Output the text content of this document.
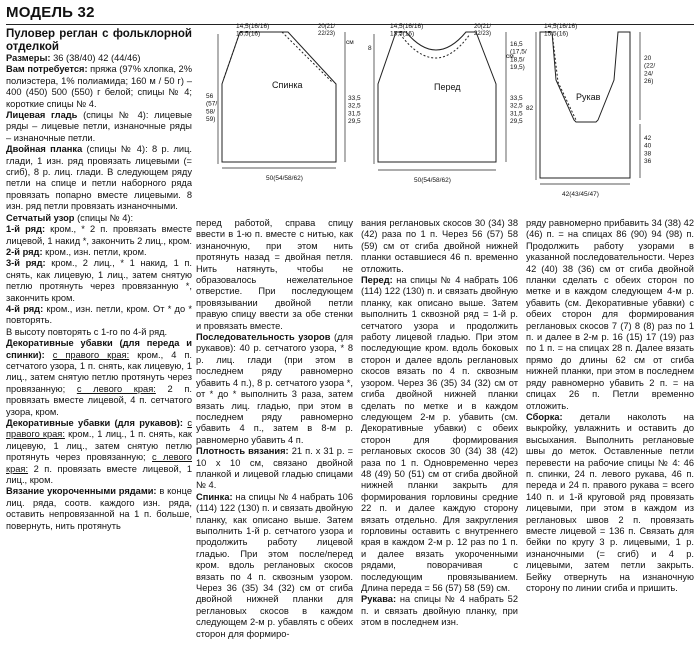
МОДЕЛЬ 32

Пуловер реглан с фольклорной отделкой

Размеры: 36 (38/40) 42 (44/46)

Вам потребуется: пряжа (97% хлопка, 2% полиэстера, 1% полиамида; 160 м / 50 г) – 400 (450) 500 (550) г белой; спицы № 4; короткие спицы № 4.

Лицевая гладь (спицы № 4): лицевые ряды – лицевые петли, изнаночные ряды – изнаночные петли.

Двойная планка (спицы № 4): 8 р. лиц. глади, 1 изн. ряд провязать лицевыми (= сгиб), 8 р. лиц. глади. В следующем ряду петли на спице и петли наборного ряда провязать попарно вместе лицевыми. 8 изн. ряд петли провязать изнаночными.

Сетчатый узор (спицы № 4):

1-й ряд: кром., * 2 п. провязать вместе лицевой, 1 накид *, закончить 2 лиц., кром.

2-й ряд: кром., изн. петли, кром.

3-й ряд: кром., 2 лиц., * 1 накид, 1 п. снять, как лицевую, 1 лиц., затем снятую петлю протянуть через провязанную *, закончить кром.

4-й ряд: кром., изн. петли, кром. От * до * повторять.

В высоту повторять с 1-го по 4-й ряд.

Декоративные убавки (для переда и спинки): с правого края: кром., 4 п. сетчатого узора, 1 п. снять, как лицевую, 1 лиц., затем снятую петлю протянуть через провязанную; с левого края: 2 п. провязать вместе лицевой, 4 п. сетчатого узора, кром.

Декоративные убавки (для рукавов): с правого края: кром., 1 лиц., 1 п. снять, как лицевую, 1 лиц., затем снятую петлю протянуть через провязанную; с левого края: 2 п. провязать вместе лицевой, 1 лиц., кром.

Вязание укороченными рядами: в конце лиц. ряда, соотв. каждого изн. ряда, оставить непровязанной на 1 п. больше, повернуть, нить протянуть

Спинка
14,5(16/16) 15,5(16)
56 (57/ 58/ 59)
33,5 32,5 31,5 29,5
50(54/58/62)
Перед
14,5(16/16) 15,5(16)
8
16,5 (17,5/ 18,5/ 19,5)
33,5 32,5 31,5 29,5
50(54/58/62)
Рукав
14,5(16/16) 15,5(16)
82
20 (22/ 24/ 26)
42 40 38 36
42(43/45/47)
20(21/ 22/23)
20(21/ 22/23)
см
см

перед работой, справа спицу ввести в 1-ю п. вместе с нитью, как изнаночную, при этом нить протянуть назад = двойная петля. Нить натянуть, чтобы не образовалось нежелательное отверстие. При последующем провязывании двойной петли правую спицу ввести за обе стенки и провязать вместе.

Последовательность узоров (для рукавов): 40 р. сетчатого узора, * 8 р. лиц. глади (при этом в последнем ряду равномерно убавить 4 п.), 8 р. сетчатого узора *, от * до * выполнить 3 раза, затем вязать лиц. гладью, при этом в последнем ряду равномерно убавить 4 п., затем в 8-м р. равномерно убавить 4 п.

Плотность вязания: 21 п. x 31 р. = 10 x 10 см, связано двойной планкой и лицевой гладью спицами № 4.

Спинка: на спицы № 4 набрать 106 (114) 122 (130) п. и связать двойную планку, как описано выше. Затем выполнить 1-й р. сетчатого узора и продолжить работу лицевой гладью. При этом после/перед кром. вдоль реглановых скосов вязать по 4 п. сквозным узором. Через 36 (35) 34 (32) см от сгиба двойной нижней планки для реглановых скосов в каждом следующем 2-м р. убавлять с обеих сторон для формиро-

вания реглановых скосов 30 (34) 38 (42) раза по 1 п. Через 56 (57) 58 (59) см от сгиба двойной нижней планки оставшиеся 46 п. временно отложить.

Перед: на спицы № 4 набрать 106 (114) 122 (130) п. и связать двойную планку, как описано выше. Затем выполнить 1 сквозной ряд = 1-й р. сетчатого узора и продолжить работу лицевой гладью. При этом последующие кром. вдоль боковых сторон и далее вдоль реглановых скосов вязать по 4 п. сквозным узором. Через 36 (35) 34 (32) см от сгиба двойной нижней планки сделать по метке и в каждом следующем 2-м р. убавить (см. Декоративные убавки) с обеих сторон для формирования реглановых скосов 30 (34) 38 (42) раза по 1 п. Одновременно через 48 (49) 50 (51) см от сгиба двойной нижней планки закрыть для формирования горловины средние 22 п. и далее каждую сторону вязать отдельно. Для закругления горловины оставить с внутреннего края в каждом 2-м р. 12 раз по 1 п. и далее вязать укороченными рядами, поворачивая с последующим провязыванием. Длина переда = 56 (57) 58 (59) см.

Рукава: на спицы № 4 набрать 52 п. и связать двойную планку, при этом в последнем изн.

ряду равномерно прибавить 34 (38) 42 (46) п. = на спицах 86 (90) 94 (98) п. Продолжить работу узорами в указанной последовательности. Через 42 (40) 38 (36) см от сгиба двойной планки сделать с обеих сторон по метке и в каждом следующем 4-м р. убавить (см. Декоративные убавки) с обеих сторон для формирования реглановых скосов 7 (7) 8 (8) раз по 1 п. и далее в 2-м р. 16 (15) 17 (19) раз по 1 п. = на спицах 28 п. Далее вязать прямо до длины 62 см от сгиба нижней планки, при этом в последнем ряду равномерно убавить 2 п. = на спицах 26 п. Петли временно отложить.

Сборка: детали наколоть на выкройку, увлажнить и оставить до высыхания. Выполнить реглановые швы до меток. Оставленные петли перевести на рабочие спицы № 4: 46 п. спинки, 24 п. левого рукава, 46 п. переда и 24 п. правого рукава = всего 140 п. и 1-й круговой ряд провязать лицевыми, при этом в каждом из реглановых швов 2 п. провязать вместе лицевой = 136 п. Связать для бейки по кругу 3 р. лицевыми, 1 р. изнаночными (= сгиб) и 4 р. лицевыми, затем петли закрыть. Бейку отвернуть на изнаночную сторону по линии сгиба и пришить.
